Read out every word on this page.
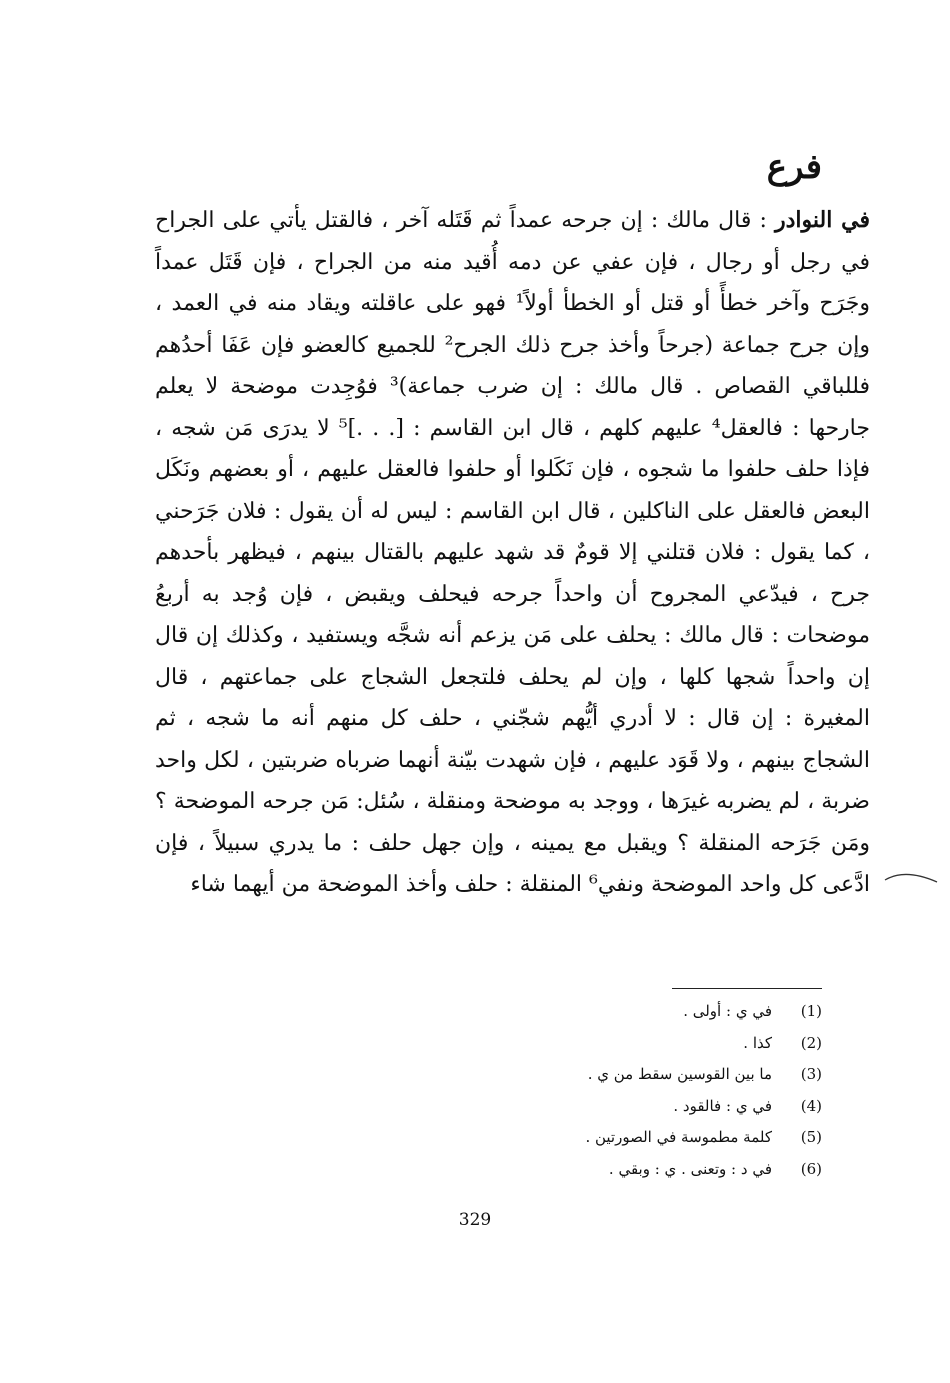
فرع

في النوادر : قال مالك : إن جرحه عمداً ثم قَتَله آخر ، فالقتل يأتي على الجراح في رجل أو رجال ، فإن عفي عن دمه أُقيد منه من الجراح ، فإن قَتَل عمداً وجَرَح وآخر خطأً أو قتل أو الخطأ أولاً¹ فهو على عاقلته ويقاد منه في العمد ، وإن جرح جماعة (جرحاً وأخذ جرح ذلك الجرح² للجميع كالعضو فإن عَفَا أحدُهم فللباقي القصاص . قال مالك : إن ضرب جماعة)³ فوُجِدت موضحة لا يعلم جارحها : فالعقل⁴ عليهم كلهم ، قال ابن القاسم : [. . .]⁵ لا يدرَى مَن شجه ، فإذا حلف حلفوا ما شجوه ، فإن نَكَلوا أو حلفوا فالعقل عليهم ، أو بعضهم ونَكَل البعض فالعقل على الناكلين ، قال ابن القاسم : ليس له أن يقول : فلان جَرَحني ، كما يقول : فلان قتلني إلا قومٌ قد شهد عليهم بالقتال بينهم ، فيظهر بأحدهم جرح ، فيدّعي المجروح أن واحداً جرحه فيحلف ويقبض ، فإن وُجد به أربعُ موضحات : قال مالك : يحلف على مَن يزعم أنه شجَّه ويستفيد ، وكذلك إن قال إن واحداً شجها كلها ، وإن لم يحلف فلتجعل الشجاج على جماعتهم ، قال المغيرة : إن قال : لا أدري أيُّهم شجّني ، حلف كل منهم أنه ما شجه ، ثم الشجاج بينهم ، ولا قَوَد عليهم ، فإن شهدت بيّنة أنهما ضرباه ضربتين ، لكل واحد ضربة ، لم يضربه غيرَها ، ووجد به موضحة ومنقلة ، سُئل: مَن جرحه الموضحة ؟ ومَن جَرَحه المنقلة ؟ ويقبل مع يمينه ، وإن جهل حلف : ما يدري سبيلاً ، فإن ادَّعى كل واحد الموضحة ونفي⁶ المنقلة : حلف وأخذ الموضحة من أيهما شاء

(1)
في ي : أولى .
(2)
كذا .
(3)
ما بين القوسين سقط من ي .
(4)
في ي : فالقود .
(5)
كلمة مطموسة في الصورتين .
(6)
في د : وتعنى . ي : وبقي .
329
